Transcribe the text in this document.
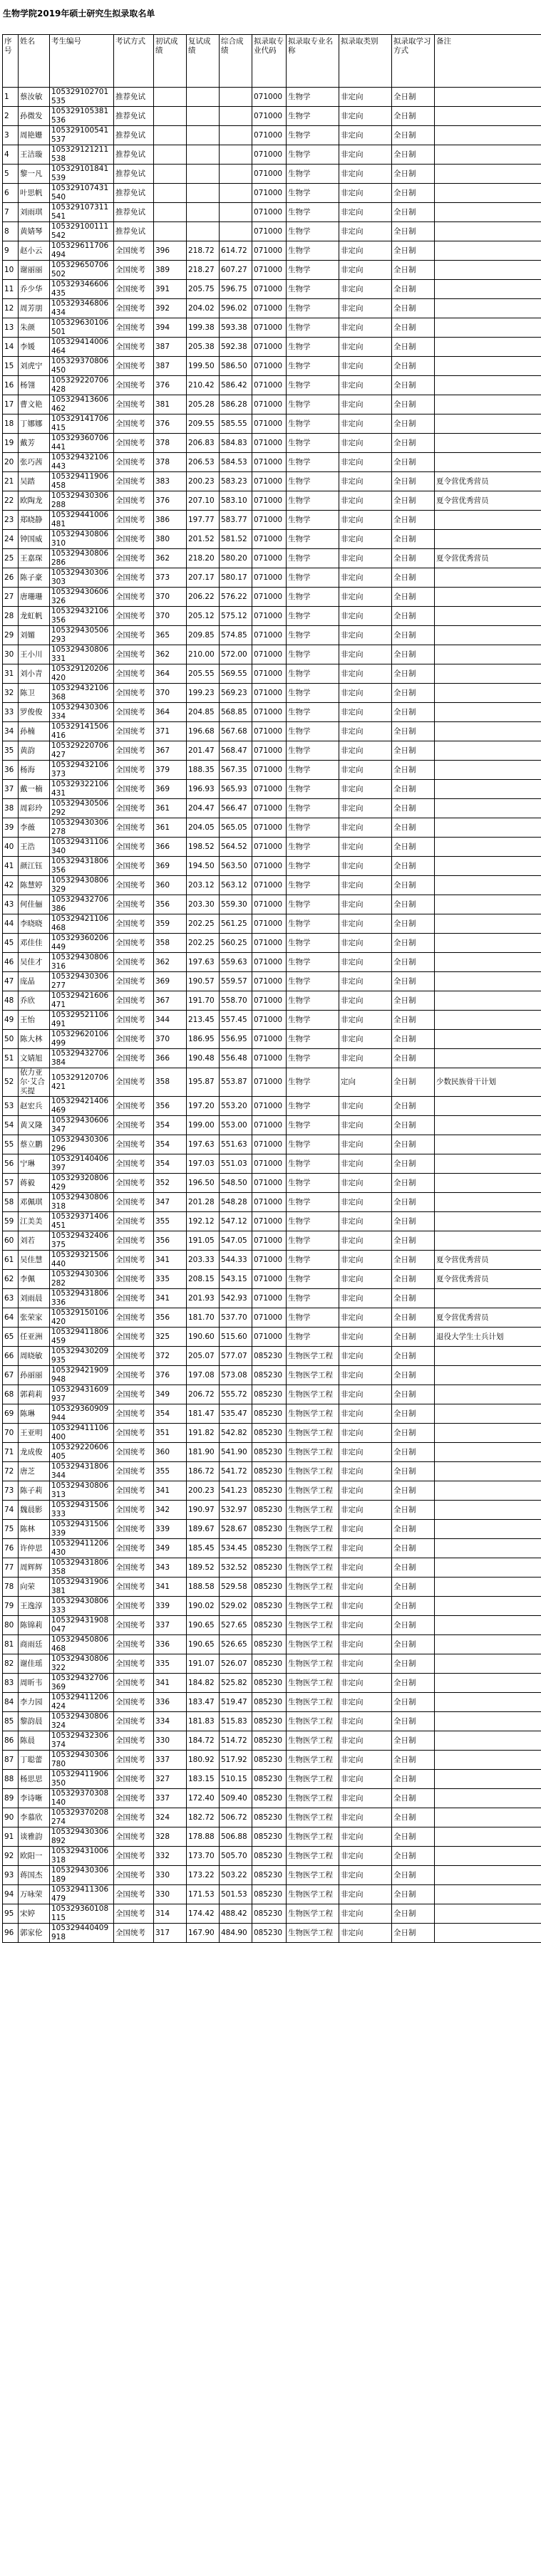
生物学院2019年硕士研究生拟录取名单
序号	姓名	考生编号	考试方式	初试成绩	复试成绩	综合成绩	拟录取专业代码	拟录取专业名称	拟录取类别	拟录取学习方式	备注
1	蔡汝敏	105329102701535	推荐免试				071000	生物学	非定向	全日制	
2	孙微发	105329105381536	推荐免试				071000	生物学	非定向	全日制	
3	周艳姗	105329100541537	推荐免试				071000	生物学	非定向	全日制	
4	王洁璇	105329121211538	推荐免试				071000	生物学	非定向	全日制	
5	黎一凡	105329101841539	推荐免试				071000	生物学	非定向	全日制	
6	叶思帆	105329107431540	推荐免试				071000	生物学	非定向	全日制	
7	刘雨琪	105329107311541	推荐免试				071000	生物学	非定向	全日制	
8	黄婧琴	105329100111542	推荐免试				071000	生物学	非定向	全日制	
9	赵小云	105329611706494	全国统考	396	218.72	614.72	071000	生物学	非定向	全日制	
10	谢丽丽	105329650706502	全国统考	389	218.27	607.27	071000	生物学	非定向	全日制	
11	乔少华	105329346606435	全国统考	391	205.75	596.75	071000	生物学	非定向	全日制	
12	周芳朋	105329346806434	全国统考	392	204.02	596.02	071000	生物学	非定向	全日制	
13	朱颜	105329630106501	全国统考	394	199.38	593.38	071000	生物学	非定向	全日制	
14	李媛	105329414006464	全国统考	387	205.38	592.38	071000	生物学	非定向	全日制	
15	刘虎宁	105329370806450	全国统考	387	199.50	586.50	071000	生物学	非定向	全日制	
16	杨翎	105329220706428	全国统考	376	210.42	586.42	071000	生物学	非定向	全日制	
17	曹文艳	105329413606462	全国统考	381	205.28	586.28	071000	生物学	非定向	全日制	
18	丁娜娜	105329141706415	全国统考	376	209.55	585.55	071000	生物学	非定向	全日制	
19	戴芳	105329360706441	全国统考	378	206.83	584.83	071000	生物学	非定向	全日制	
20	张巧茜	105329432106443	全国统考	378	206.53	584.53	071000	生物学	非定向	全日制	
21	吴踏	105329411906458	全国统考	383	200.23	583.23	071000	生物学	非定向	全日制	夏令营优秀营员
22	欧陶龙	105329430306288	全国统考	376	207.10	583.10	071000	生物学	非定向	全日制	夏令营优秀营员
23	郑晓静	105329441006481	全国统考	386	197.77	583.77	071000	生物学	非定向	全日制	
24	钟国威	105329430806310	全国统考	380	201.52	581.52	071000	生物学	非定向	全日制	
25	王嘉琛	105329430806286	全国统考	362	218.20	580.20	071000	生物学	非定向	全日制	夏令营优秀营员
26	陈子豪	105329430306303	全国统考	373	207.17	580.17	071000	生物学	非定向	全日制	
27	唐珊珊	105329430606326	全国统考	370	206.22	576.22	071000	生物学	非定向	全日制	
28	龙虹帆	105329432106356	全国统考	370	205.12	575.12	071000	生物学	非定向	全日制	
29	刘媚	105329430506293	全国统考	365	209.85	574.85	071000	生物学	非定向	全日制	
30	王小川	105329430806331	全国统考	362	210.00	572.00	071000	生物学	非定向	全日制	
31	刘小青	105329120206420	全国统考	364	205.55	569.55	071000	生物学	非定向	全日制	
32	陈卫	105329432106368	全国统考	370	199.23	569.23	071000	生物学	非定向	全日制	
33	罗俊俊	105329430306334	全国统考	364	204.85	568.85	071000	生物学	非定向	全日制	
34	孙楠	105329141506416	全国统考	371	196.68	567.68	071000	生物学	非定向	全日制	
35	黄韵	105329220706427	全国统考	367	201.47	568.47	071000	生物学	非定向	全日制	
36	杨海	105329432106373	全国统考	379	188.35	567.35	071000	生物学	非定向	全日制	
37	戴一楠	105329322106431	全国统考	369	196.93	565.93	071000	生物学	非定向	全日制	
38	周彩玲	105329430506292	全国统考	361	204.47	566.47	071000	生物学	非定向	全日制	
39	李薇	105329430306278	全国统考	361	204.05	565.05	071000	生物学	非定向	全日制	
40	王浩	105329431106340	全国统考	366	198.52	564.52	071000	生物学	非定向	全日制	
41	颜江钰	105329431806356	全国统考	369	194.50	563.50	071000	生物学	非定向	全日制	
42	陈慧婷	105329430806329	全国统考	360	203.12	563.12	071000	生物学	非定向	全日制	
43	何佳俪	105329432706386	全国统考	356	203.30	559.30	071000	生物学	非定向	全日制	
44	李晓晓	105329421106468	全国统考	359	202.25	561.25	071000	生物学	非定向	全日制	
45	邓佳佳	105329360206449	全国统考	358	202.25	560.25	071000	生物学	非定向	全日制	
46	吴佳才	105329430806316	全国统考	362	197.63	559.63	071000	生物学	非定向	全日制	
47	庞晶	105329430306277	全国统考	369	190.57	559.57	071000	生物学	非定向	全日制	
48	乔欣	105329421606471	全国统考	367	191.70	558.70	071000	生物学	非定向	全日制	
49	王怡	105329521106491	全国统考	344	213.45	557.45	071000	生物学	非定向	全日制	
50	陈大林	105329620106499	全国统考	370	186.95	556.95	071000	生物学	非定向	全日制	
51	文婧旭	105329432706384	全国统考	366	190.48	556.48	071000	生物学	非定向	全日制	
52	依力亚尔·艾合买提	105329120706421	全国统考	358	195.87	553.87	071000	生物学	定向	全日制	少数民族骨干计划
53	赵宏兵	105329421406469	全国统考	356	197.20	553.20	071000	生物学	非定向	全日制	
54	黄又隆	105329430606347	全国统考	354	199.00	553.00	071000	生物学	非定向	全日制	
55	蔡立鹏	105329430306296	全国统考	354	197.63	551.63	071000	生物学	非定向	全日制	
56	宁琳	105329140406397	全国统考	354	197.03	551.03	071000	生物学	非定向	全日制	
57	蒋毅	105329320806429	全国统考	352	196.50	548.50	071000	生物学	非定向	全日制	
58	邓佩琪	105329430806318	全国统考	347	201.28	548.28	071000	生物学	非定向	全日制	
59	江美美	105329371406451	全国统考	355	192.12	547.12	071000	生物学	非定向	全日制	
60	刘若	105329432406375	全国统考	356	191.05	547.05	071000	生物学	非定向	全日制	
61	吴佳慧	105329321506440	全国统考	341	203.33	544.33	071000	生物学	非定向	全日制	夏令营优秀营员
62	李佩	105329430306282	全国统考	335	208.15	543.15	071000	生物学	非定向	全日制	夏令营优秀营员
63	刘雨晨	105329431806336	全国统考	341	201.93	542.93	071000	生物学	非定向	全日制	
64	张荣家	105329150106420	全国统考	356	181.70	537.70	071000	生物学	非定向	全日制	夏令营优秀营员
65	任亚洲	105329411806459	全国统考	325	190.60	515.60	071000	生物学	非定向	全日制	退役大学生士兵计划
66	周晓敏	105329430209935	全国统考	372	205.07	577.07	085230	生物医学工程	非定向	全日制	
67	孙丽丽	105329421909948	全国统考	376	197.08	573.08	085230	生物医学工程	非定向	全日制	
68	郭莉莉	105329431609937	全国统考	349	206.72	555.72	085230	生物医学工程	非定向	全日制	
69	陈琳	105329360909944	全国统考	354	181.47	535.47	085230	生物医学工程	非定向	全日制	
70	王亚明	105329411106400	全国统考	351	191.82	542.82	085230	生物医学工程	非定向	全日制	
71	龙成俊	105329220606405	全国统考	360	181.90	541.90	085230	生物医学工程	非定向	全日制	
72	唐芝	105329431806344	全国统考	355	186.72	541.72	085230	生物医学工程	非定向	全日制	
73	陈子莉	105329430806313	全国统考	341	200.23	541.23	085230	生物医学工程	非定向	全日制	
74	魏晨影	105329431506333	全国统考	342	190.97	532.97	085230	生物医学工程	非定向	全日制	
75	陈林	105329431506339	全国统考	339	189.67	528.67	085230	生物医学工程	非定向	全日制	
76	许仲思	105329411206430	全国统考	349	185.45	534.45	085230	生物医学工程	非定向	全日制	
77	周辉辉	105329431806358	全国统考	343	189.52	532.52	085230	生物医学工程	非定向	全日制	
78	向荣	105329431906381	全国统考	341	188.58	529.58	085230	生物医学工程	非定向	全日制	
79	王逸淳	105329430806333	全国统考	339	190.02	529.02	085230	生物医学工程	非定向	全日制	
80	陈锦莉	105329431908047	全国统考	337	190.65	527.65	085230	生物医学工程	非定向	全日制	
81	商雨廷	105329450806468	全国统考	336	190.65	526.65	085230	生物医学工程	非定向	全日制	
82	谢佳瑶	105329430806322	全国统考	335	191.07	526.07	085230	生物医学工程	非定向	全日制	
83	周昕韦	105329432706369	全国统考	341	184.82	525.82	085230	生物医学工程	非定向	全日制	
84	李力园	105329411206424	全国统考	336	183.47	519.47	085230	生物医学工程	非定向	全日制	
85	黎韵晨	105329430806324	全国统考	334	181.83	515.83	085230	生物医学工程	非定向	全日制	
86	陈晨	105329432306374	全国统考	330	184.72	514.72	085230	生物医学工程	非定向	全日制	
87	丁聪蕾	105329430306780	全国统考	337	180.92	517.92	085230	生物医学工程	非定向	全日制	
88	杨思思	105329411906350	全国统考	327	183.15	510.15	085230	生物医学工程	非定向	全日制	
89	李诗晰	105329370308140	全国统考	337	172.40	509.40	085230	生物医学工程	非定向	全日制	
90	李慕欣	105329370208274	全国统考	324	182.72	506.72	085230	生物医学工程	非定向	全日制	
91	谈雅韵	105329430306892	全国统考	328	178.88	506.88	085230	生物医学工程	非定向	全日制	
92	欧阳一	105329431006318	全国统考	332	173.70	505.70	085230	生物医学工程	非定向	全日制	
93	蒋国杰	105329430306189	全国统考	330	173.22	503.22	085230	生物医学工程	非定向	全日制	
94	万咏荣	105329411306479	全国统考	330	171.53	501.53	085230	生物医学工程	非定向	全日制	
95	宋婷	105329360108115	全国统考	314	174.42	488.42	085230	生物医学工程	非定向	全日制	
96	郭家伦	105329440409918	全国统考	317	167.90	484.90	085230	生物医学工程	非定向	全日制	
